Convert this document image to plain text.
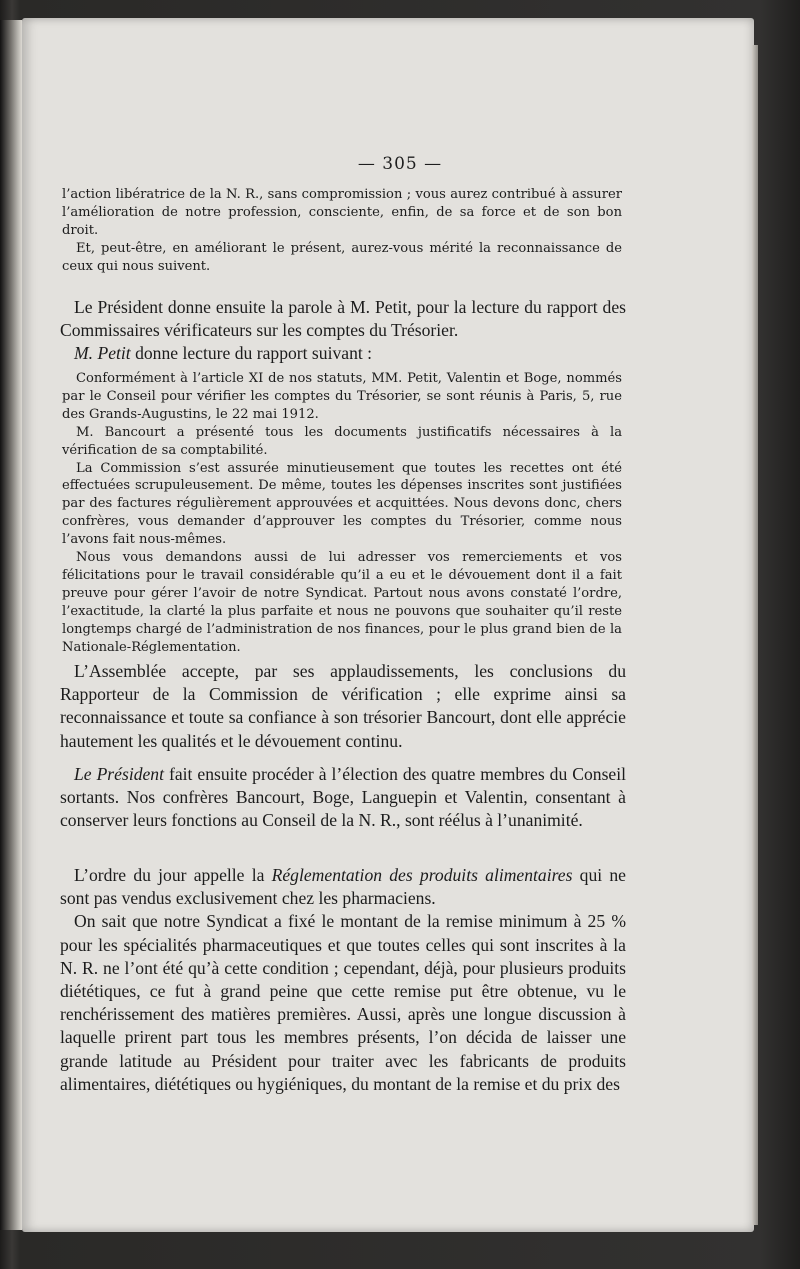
— 305 —

l’action libératrice de la N. R., sans compromission ; vous aurez contribué à assurer l’amélioration de notre profession, consciente, enfin, de sa force et de son bon droit.

Et, peut-être, en améliorant le présent, aurez-vous mérité la reconnaissance de ceux qui nous suivent.

Le Président donne ensuite la parole à M. Petit, pour la lecture du rapport des Commissaires vérificateurs sur les comptes du Trésorier.

M. Petit donne lecture du rapport suivant :

Conformément à l’article XI de nos statuts, MM. Petit, Valentin et Boge, nommés par le Conseil pour vérifier les comptes du Trésorier, se sont réunis à Paris, 5, rue des Grands-Augustins, le 22 mai 1912.

M. Bancourt a présenté tous les documents justificatifs nécessaires à la vérification de sa comptabilité.

La Commission s’est assurée minutieusement que toutes les recettes ont été effectuées scrupuleusement. De même, toutes les dépenses inscrites sont justifiées par des factures régulièrement approuvées et acquittées. Nous devons donc, chers confrères, vous demander d’approuver les comptes du Trésorier, comme nous l’avons fait nous-mêmes.

Nous vous demandons aussi de lui adresser vos remerciements et vos félicitations pour le travail considérable qu’il a eu et le dévouement dont il a fait preuve pour gérer l’avoir de notre Syndicat. Partout nous avons constaté l’ordre, l’exactitude, la clarté la plus parfaite et nous ne pouvons que souhaiter qu’il reste longtemps chargé de l’administration de nos finances, pour le plus grand bien de la Nationale-Réglementation.

L’Assemblée accepte, par ses applaudissements, les conclusions du Rapporteur de la Commission de vérification ; elle exprime ainsi sa reconnaissance et toute sa confiance à son trésorier Bancourt, dont elle apprécie hautement les qualités et le dévouement continu.

Le Président fait ensuite procéder à l’élection des quatre membres du Conseil sortants. Nos confrères Bancourt, Boge, Languepin et Valentin, consentant à conserver leurs fonctions au Conseil de la N. R., sont réélus à l’unanimité.

L’ordre du jour appelle la Réglementation des produits alimentaires qui ne sont pas vendus exclusivement chez les pharmaciens.

On sait que notre Syndicat a fixé le montant de la remise minimum à 25 % pour les spécialités pharmaceutiques et que toutes celles qui sont inscrites à la N. R. ne l’ont été qu’à cette condition ; cependant, déjà, pour plusieurs produits diététiques, ce fut à grand peine que cette remise put être obtenue, vu le renchérissement des matières premières. Aussi, après une longue discussion à laquelle prirent part tous les membres présents, l’on décida de laisser une grande latitude au Président pour traiter avec les fabricants de produits alimentaires, diététiques ou hygiéniques, du montant de la remise et du prix des
